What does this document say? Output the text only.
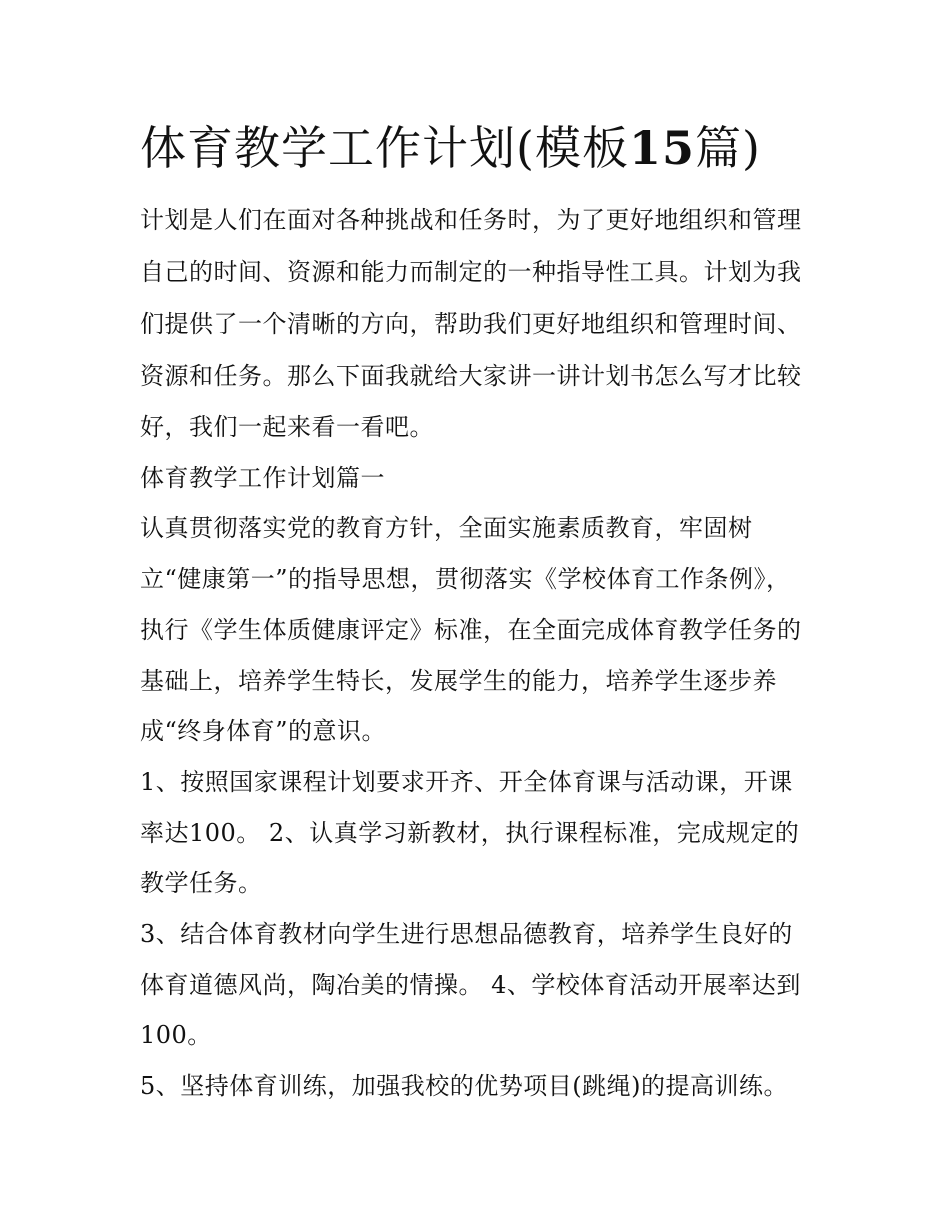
体育教学工作计划(模板15篇)

计划是人们在面对各种挑战和任务时，为了更好地组织和管理

自己的时间、资源和能力而制定的一种指导性工具。计划为我

们提供了一个清晰的方向，帮助我们更好地组织和管理时间、

资源和任务。那么下面我就给大家讲一讲计划书怎么写才比较

好，我们一起来看一看吧。

体育教学工作计划篇一

认真贯彻落实党的教育方针，全面实施素质教育，牢固树

立“健康第一”的指导思想，贯彻落实《学校体育工作条例》，

执行《学生体质健康评定》标准，在全面完成体育教学任务的

基础上，培养学生特长，发展学生的能力，培养学生逐步养

成“终身体育”的意识。

1、按照国家课程计划要求开齐、开全体育课与活动课，开课

率达100。 2、认真学习新教材，执行课程标准，完成规定的

教学任务。

3、结合体育教材向学生进行思想品德教育，培养学生良好的

体育道德风尚，陶冶美的情操。 4、学校体育活动开展率达到

100。

5、坚持体育训练，加强我校的优势项目(跳绳)的提高训练。
